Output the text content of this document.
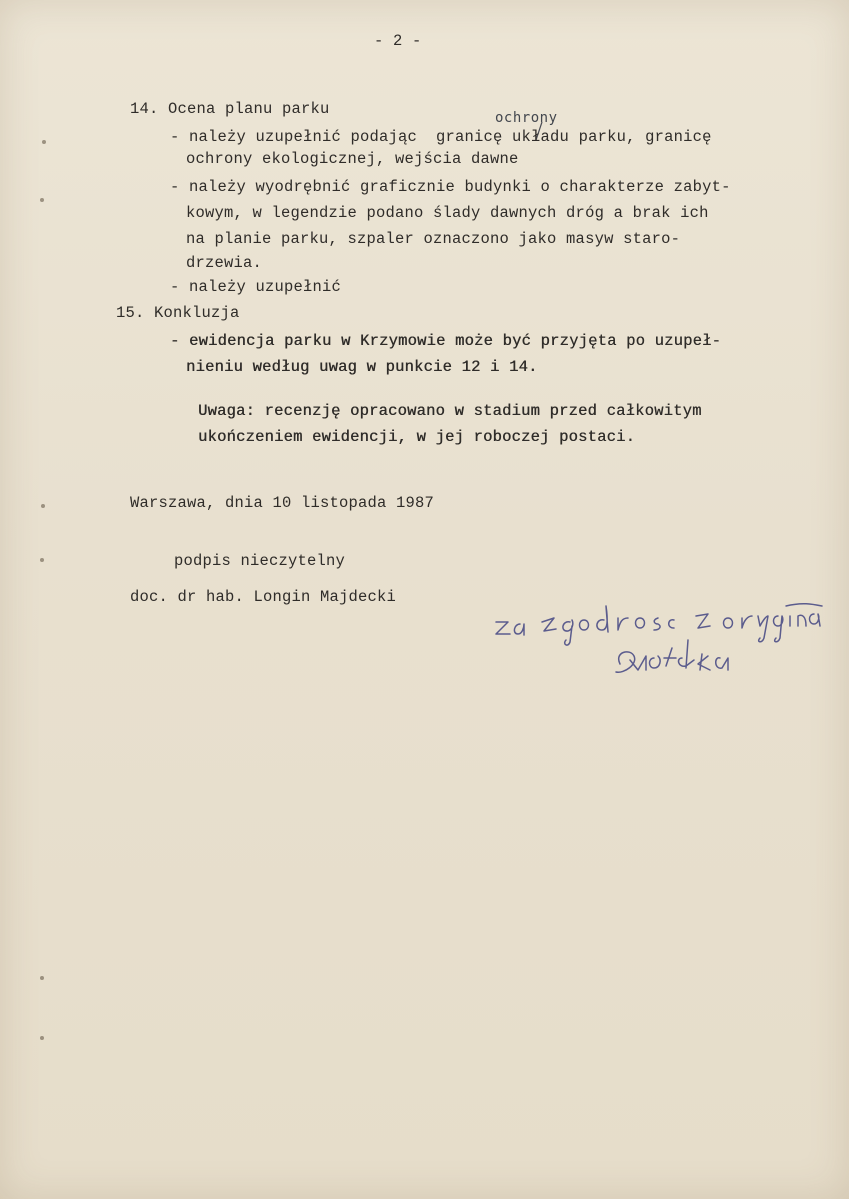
- 2 -
ochrony
14. Ocena planu parku
- należy uzupełnić podając  granicę układu parku, granicę
ochrony ekologicznej, wejścia dawne
- należy wyodrębnić graficznie budynki o charakterze zabyt-
kowym, w legendzie podano ślady dawnych dróg a brak ich
na planie parku, szpaler oznaczono jako masyw staro-
drzewia.
- należy uzupełnić
15. Konkluzja
- ewidencja parku w Krzymowie może być przyjęta po uzupeł-
nieniu według uwag w punkcie 12 i 14.
Uwaga: recenzję opracowano w stadium przed całkowitym
ukończeniem ewidencji, w jej roboczej postaci.
Warszawa, dnia 10 listopada 1987
podpis nieczytelny
doc. dr hab. Longin Majdecki
